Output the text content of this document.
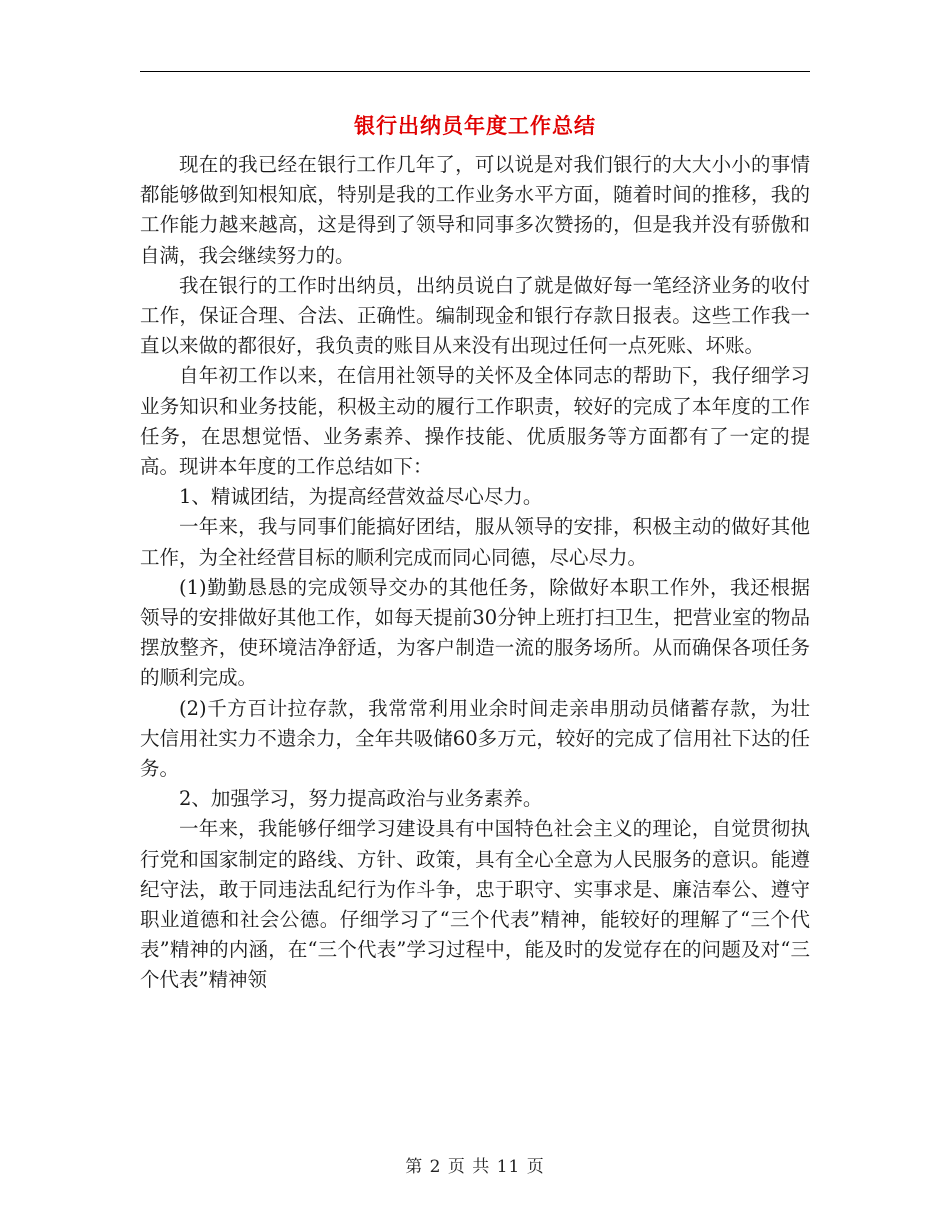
银行出纳员年度工作总结

现在的我已经在银行工作几年了，可以说是对我们银行的大大小小的事情都能够做到知根知底，特别是我的工作业务水平方面，随着时间的推移，我的工作能力越来越高，这是得到了领导和同事多次赞扬的，但是我并没有骄傲和自满，我会继续努力的。

我在银行的工作时出纳员，出纳员说白了就是做好每一笔经济业务的收付工作，保证合理、合法、正确性。编制现金和银行存款日报表。这些工作我一直以来做的都很好，我负责的账目从来没有出现过任何一点死账、坏账。

自年初工作以来，在信用社领导的关怀及全体同志的帮助下，我仔细学习业务知识和业务技能，积极主动的履行工作职责，较好的完成了本年度的工作任务，在思想觉悟、业务素养、操作技能、优质服务等方面都有了一定的提高。现讲本年度的工作总结如下：

1、精诚团结，为提高经营效益尽心尽力。

一年来，我与同事们能搞好团结，服从领导的安排，积极主动的做好其他工作，为全社经营目标的顺利完成而同心同德，尽心尽力。

(1)勤勤恳恳的完成领导交办的其他任务，除做好本职工作外，我还根据领导的安排做好其他工作，如每天提前30分钟上班打扫卫生，把营业室的物品摆放整齐，使环境洁净舒适，为客户制造一流的服务场所。从而确保各项任务的顺利完成。

(2)千方百计拉存款，我常常利用业余时间走亲串朋动员储蓄存款，为壮大信用社实力不遗余力，全年共吸储60多万元，较好的完成了信用社下达的任务。

2、加强学习，努力提高政治与业务素养。

一年来，我能够仔细学习建设具有中国特色社会主义的理论，自觉贯彻执行党和国家制定的路线、方针、政策，具有全心全意为人民服务的意识。能遵纪守法，敢于同违法乱纪行为作斗争，忠于职守、实事求是、廉洁奉公、遵守职业道德和社会公德。仔细学习了“三个代表”精神，能较好的理解了“三个代表”精神的内涵，在“三个代表”学习过程中，能及时的发觉存在的问题及对“三个代表”精神领

第 2 页 共 11 页
